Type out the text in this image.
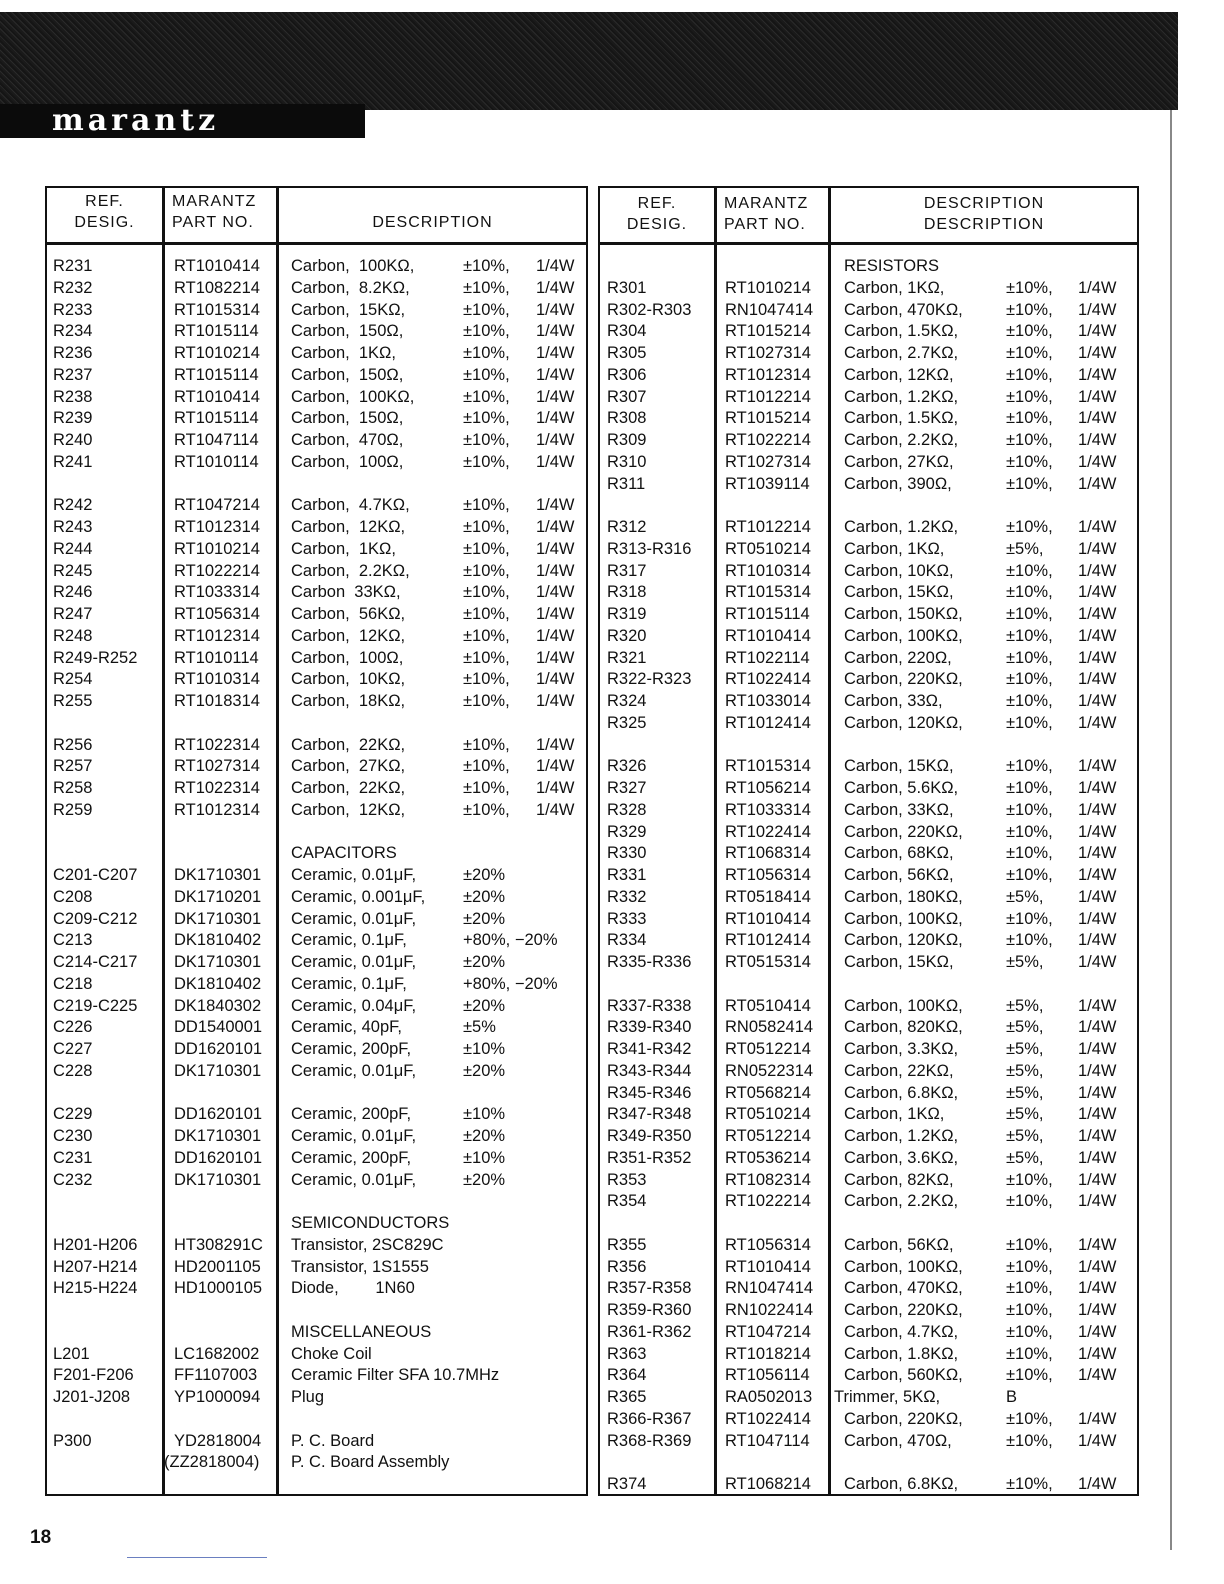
marantz
REF.
DESIG.
MARANTZ
PART NO.	DESCRIPTION
R231	RT1010414 Carbon,  100KΩ,	±10%, 1/4W
R232	RT1082214 Carbon,  8.2KΩ,	±10%, 1/4W
R233	RT1015314 Carbon,  15KΩ,	±10%, 1/4W
R234	RT1015114 Carbon,  150Ω,	±10%, 1/4W
R236	RT1010214 Carbon,  1KΩ,	±10%, 1/4W
R237	RT1015114 Carbon,  150Ω,	±10%, 1/4W
R238	RT1010414 Carbon,  100KΩ,	±10%, 1/4W
R239	RT1015114 Carbon,  150Ω,	±10%, 1/4W
R240	RT1047114 Carbon,  470Ω,	±10%, 1/4W
R241	RT1010114 Carbon,  100Ω,	±10%, 1/4W
R242	RT1047214 Carbon,  4.7KΩ,	±10%, 1/4W
R243	RT1012314 Carbon,  12KΩ,	±10%, 1/4W
R244	RT1010214 Carbon,  1KΩ,	±10%, 1/4W
R245	RT1022214 Carbon,  2.2KΩ,	±10%, 1/4W
R246	RT1033314 Carbon  33KΩ,	±10%, 1/4W
R247	RT1056314 Carbon,  56KΩ,	±10%, 1/4W
R248	RT1012314 Carbon,  12KΩ,	±10%, 1/4W
R249-R252 RT1010114 Carbon,  100Ω,	±10%, 1/4W
R254	RT1010314 Carbon,  10KΩ,	±10%, 1/4W
R255	RT1018314 Carbon,  18KΩ,	±10%, 1/4W
R256	RT1022314 Carbon,  22KΩ,	±10%, 1/4W
R257	RT1027314 Carbon,  27KΩ,	±10%, 1/4W
R258	RT1022314 Carbon,  22KΩ,	±10%, 1/4W
R259	RT1012314 Carbon,  12KΩ,	±10%, 1/4W
CAPACITORS
C201-C207 DK1710301 Ceramic, 0.01μF,	±20%
C208	DK1710201 Ceramic, 0.001μF, ±20%
C209-C212 DK1710301 Ceramic, 0.01μF,	±20%
C213	DK1810402 Ceramic, 0.1μF,	+80%, −20%
C214-C217 DK1710301 Ceramic, 0.01μF,	±20%
C218	DK1810402 Ceramic, 0.1μF,	+80%, −20%
C219-C225 DK1840302 Ceramic, 0.04μF,	±20%
C226	DD1540001 Ceramic, 40pF,	±5%
C227	DD1620101 Ceramic, 200pF,	±10%
C228	DK1710301 Ceramic, 0.01μF,	±20%
C229	DD1620101 Ceramic, 200pF,	±10%
C230	DK1710301 Ceramic, 0.01μF,	±20%
C231	DD1620101 Ceramic, 200pF,	±10%
C232	DK1710301 Ceramic, 0.01μF,	±20%
SEMICONDUCTORS
H201-H206 HT308291C Transistor, 2SC829C
H207-H214 HD2001105 Transistor, 1S1555
H215-H224 HD1000105 Diode,        1N60
MISCELLANEOUS
L201	LC1682002 Choke Coil
F201-F206 FF1107003 Ceramic Filter SFA 10.7MHz
J201-J208	YP1000094 Plug
P300	YD2818004 P. C. Board
(ZZ2818004) P. C. Board Assembly
REF.
DESIG.
MARANTZ
PART NO.
DESCRIPTION
DESCRIPTION
RESISTORS
R301	RT1010214 Carbon, 1KΩ,	±10%, 1/4W
R302-R303 RN1047414 Carbon, 470KΩ,	±10%, 1/4W
R304	RT1015214 Carbon, 1.5KΩ,	±10%, 1/4W
R305	RT1027314 Carbon, 2.7KΩ,	±10%, 1/4W
R306	RT1012314 Carbon, 12KΩ,	±10%, 1/4W
R307	RT1012214 Carbon, 1.2KΩ,	±10%, 1/4W
R308	RT1015214 Carbon, 1.5KΩ,	±10%, 1/4W
R309	RT1022214 Carbon, 2.2KΩ,	±10%, 1/4W
R310	RT1027314 Carbon, 27KΩ,	±10%, 1/4W
R311	RT1039114 Carbon, 390Ω,	±10%, 1/4W
R312	RT1012214 Carbon, 1.2KΩ,	±10%, 1/4W
R313-R316 RT0510214 Carbon, 1KΩ,	±5%, 1/4W
R317	RT1010314 Carbon, 10KΩ,	±10%, 1/4W
R318	RT1015314 Carbon, 15KΩ,	±10%, 1/4W
R319	RT1015114 Carbon, 150KΩ,	±10%, 1/4W
R320	RT1010414 Carbon, 100KΩ,	±10%, 1/4W
R321	RT1022114 Carbon, 220Ω,	±10%, 1/4W
R322-R323 RT1022414 Carbon, 220KΩ,	±10%, 1/4W
R324	RT1033014 Carbon, 33Ω,	±10%, 1/4W
R325	RT1012414 Carbon, 120KΩ,	±10%, 1/4W
R326	RT1015314 Carbon, 15KΩ,	±10%, 1/4W
R327	RT1056214 Carbon, 5.6KΩ,	±10%, 1/4W
R328	RT1033314 Carbon, 33KΩ,	±10%, 1/4W
R329	RT1022414 Carbon, 220KΩ,	±10%, 1/4W
R330	RT1068314 Carbon, 68KΩ,	±10%, 1/4W
R331	RT1056314 Carbon, 56KΩ,	±10%, 1/4W
R332	RT0518414 Carbon, 180KΩ,	±5%, 1/4W
R333	RT1010414 Carbon, 100KΩ,	±10%, 1/4W
R334	RT1012414 Carbon, 120KΩ,	±10%, 1/4W
R335-R336 RT0515314 Carbon, 15KΩ,	±5%, 1/4W
R337-R338 RT0510414 Carbon, 100KΩ,	±5%, 1/4W
R339-R340 RN0582414 Carbon, 820KΩ,	±5%, 1/4W
R341-R342 RT0512214 Carbon, 3.3KΩ,	±5%, 1/4W
R343-R344 RN0522314 Carbon, 22KΩ,	±5%, 1/4W
R345-R346 RT0568214 Carbon, 6.8KΩ,	±5%, 1/4W
R347-R348 RT0510214 Carbon, 1KΩ,	±5%, 1/4W
R349-R350 RT0512214 Carbon, 1.2KΩ,	±5%, 1/4W
R351-R352 RT0536214 Carbon, 3.6KΩ,	±5%, 1/4W
R353	RT1082314 Carbon, 82KΩ,	±10%, 1/4W
R354	RT1022214 Carbon, 2.2KΩ,	±10%, 1/4W
R355	RT1056314 Carbon, 56KΩ,	±10%, 1/4W
R356	RT1010414 Carbon, 100KΩ,	±10%, 1/4W
R357-R358 RN1047414 Carbon, 470KΩ,	±10%, 1/4W
R359-R360 RN1022414 Carbon, 220KΩ,	±10%, 1/4W
R361-R362 RT1047214 Carbon, 4.7KΩ,	±10%, 1/4W
R363	RT1018214 Carbon, 1.8KΩ,	±10%, 1/4W
R364	RT1056114 Carbon, 560KΩ,	±10%, 1/4W
R365	RA0502013 Trimmer, 5KΩ,	B
R366-R367 RT1022414 Carbon, 220KΩ,	±10%, 1/4W
R368-R369 RT1047114 Carbon, 470Ω,	±10%, 1/4W
R374	RT1068214 Carbon, 6.8KΩ,	±10%, 1/4W
18
